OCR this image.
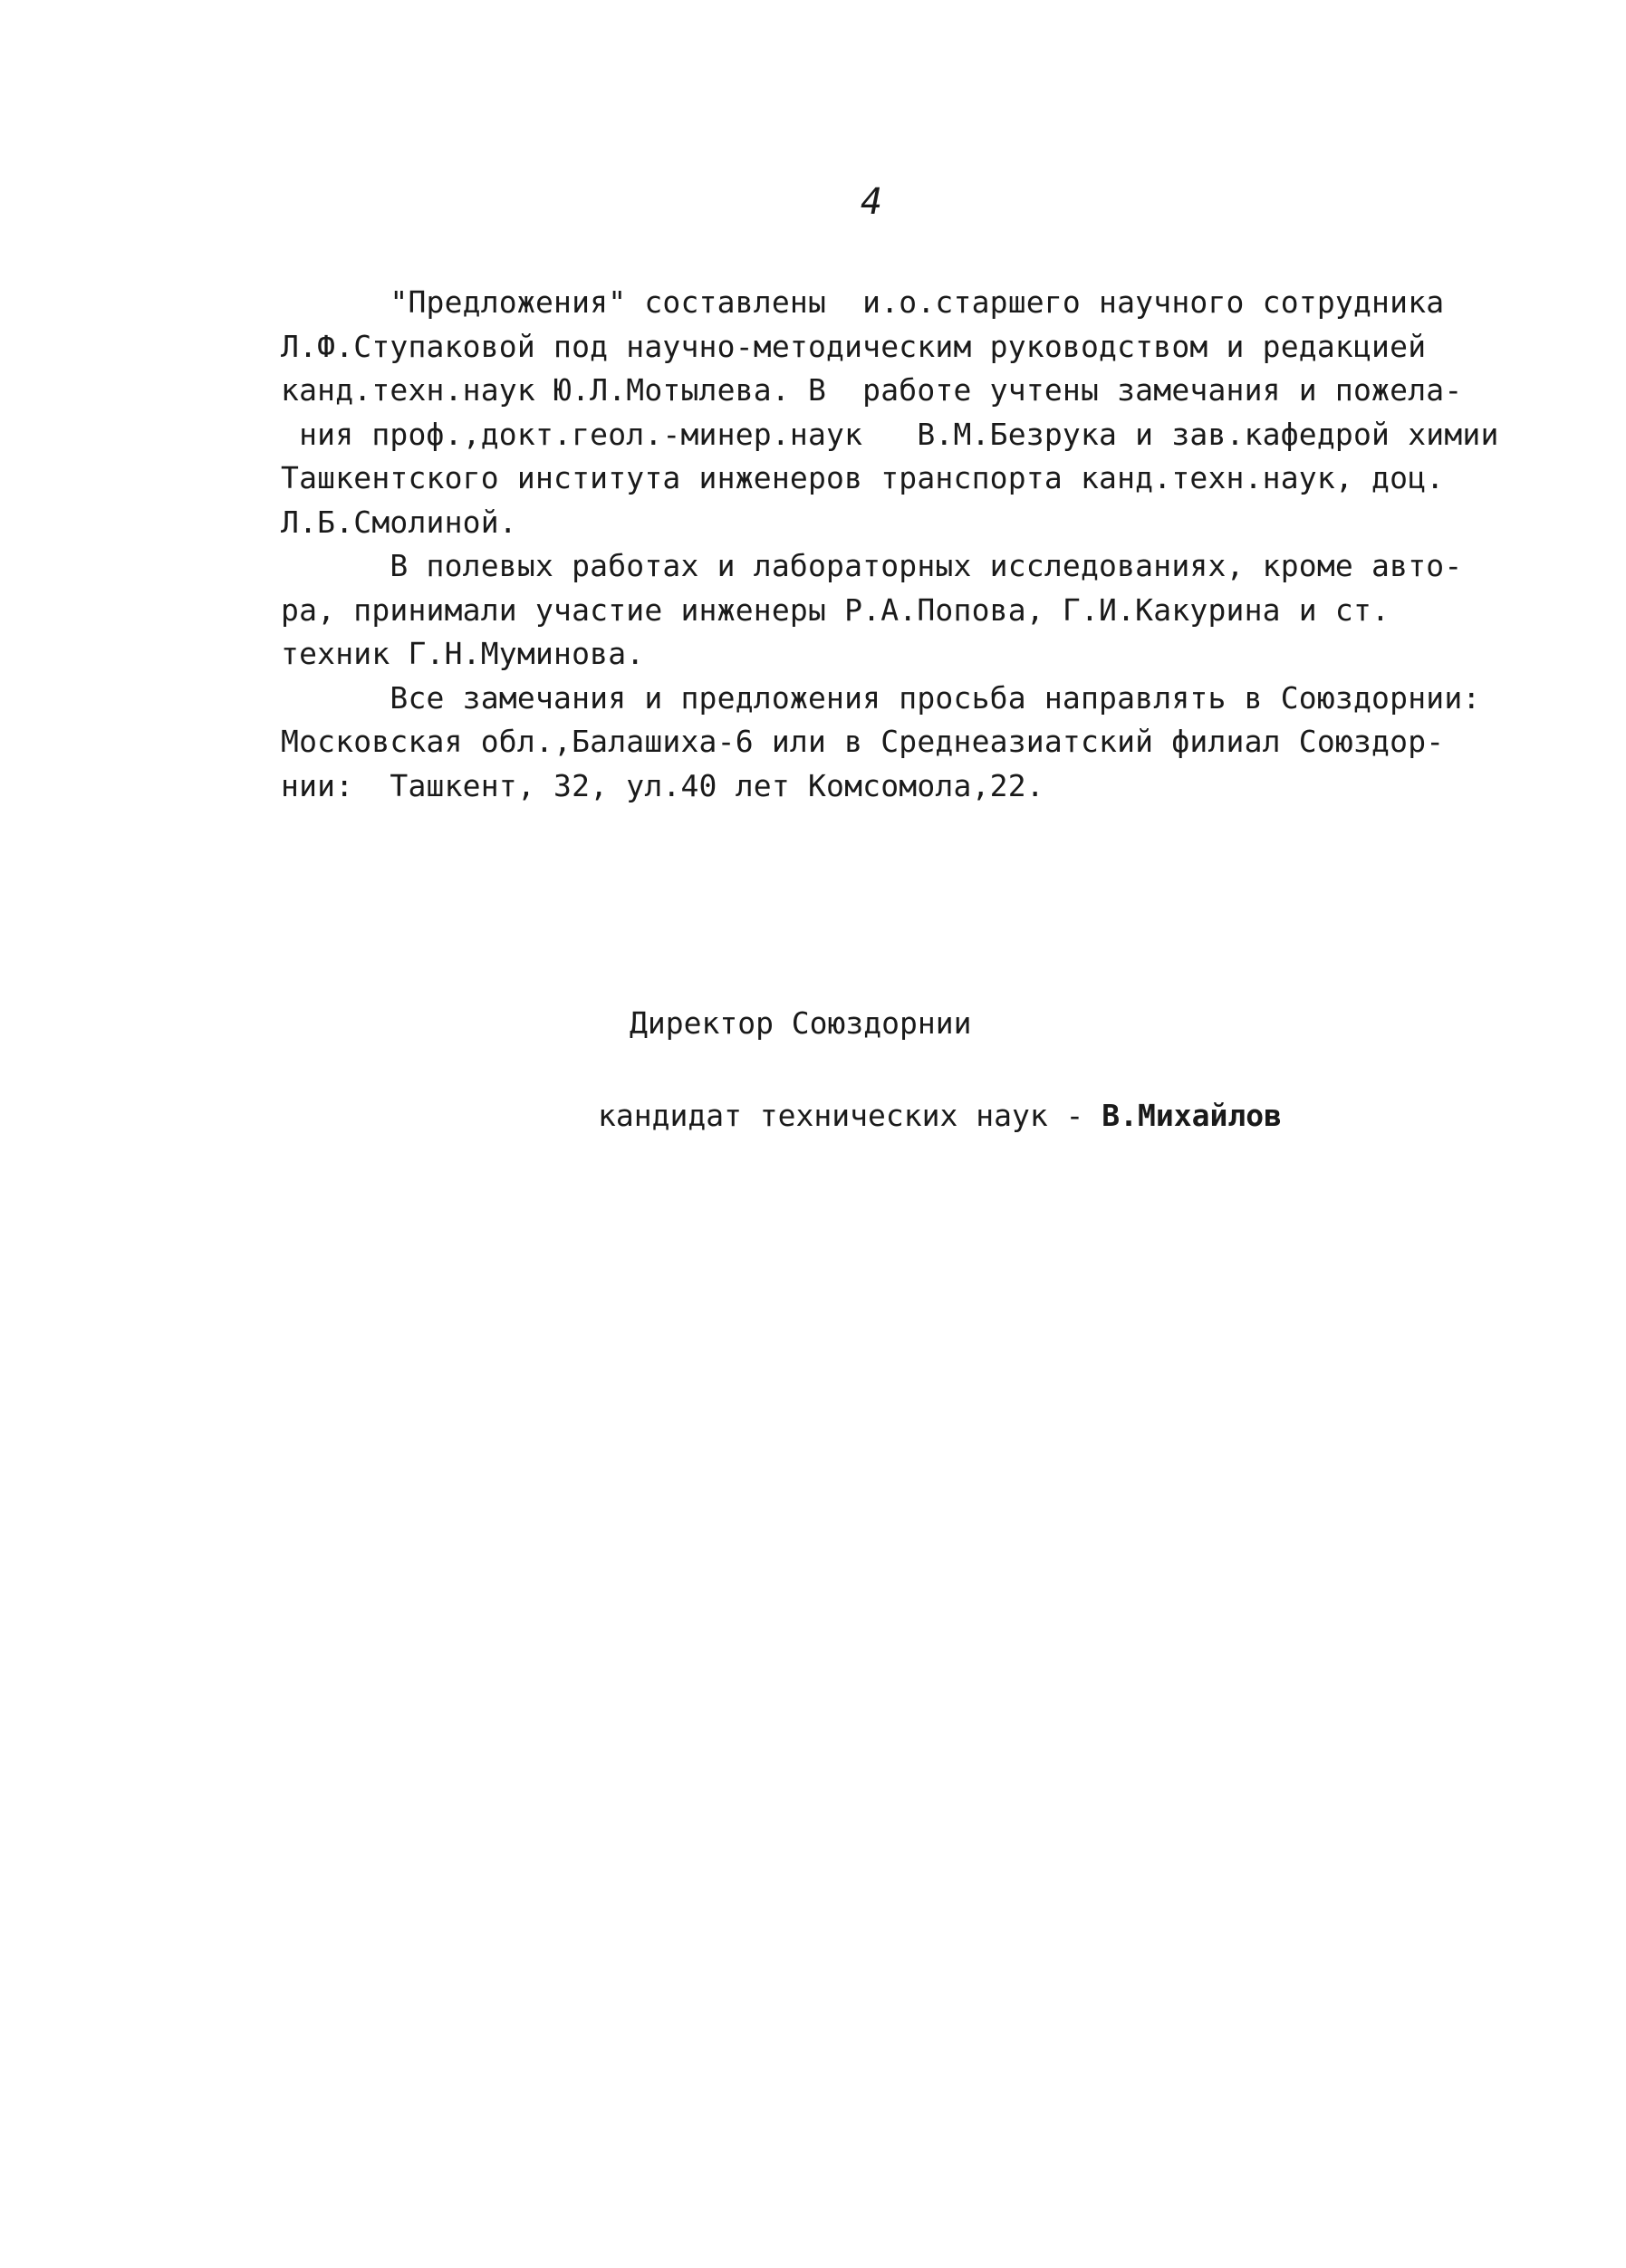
4
"Предложения" составлены  и.о.старшего научного сотрудника
Л.Ф.Ступаковой под научно-методическим руководством и редакцией
канд.техн.наук Ю.Л.Мотылева. В  работе учтены замечания и пожела-
ния проф.,докт.геол.-минер.наук   В.М.Безрука и зав.кафедрой химии
Ташкентского института инженеров транспорта канд.техн.наук, доц.
Л.Б.Смолиной.
В полевых работах и лабораторных исследованиях, кроме авто-
ра, принимали участие инженеры Р.А.Попова, Г.И.Какурина и ст.
техник Г.Н.Муминова.
Все замечания и предложения просьба направлять в Союздорнии:
Московская обл.,Балашиха-6 или в Среднеазиатский филиал Союздор-
нии:  Ташкент, 32, ул.40 лет Комсомола,22.

Директор Союздорнии

кандидат технических наук - В.Михайлов
